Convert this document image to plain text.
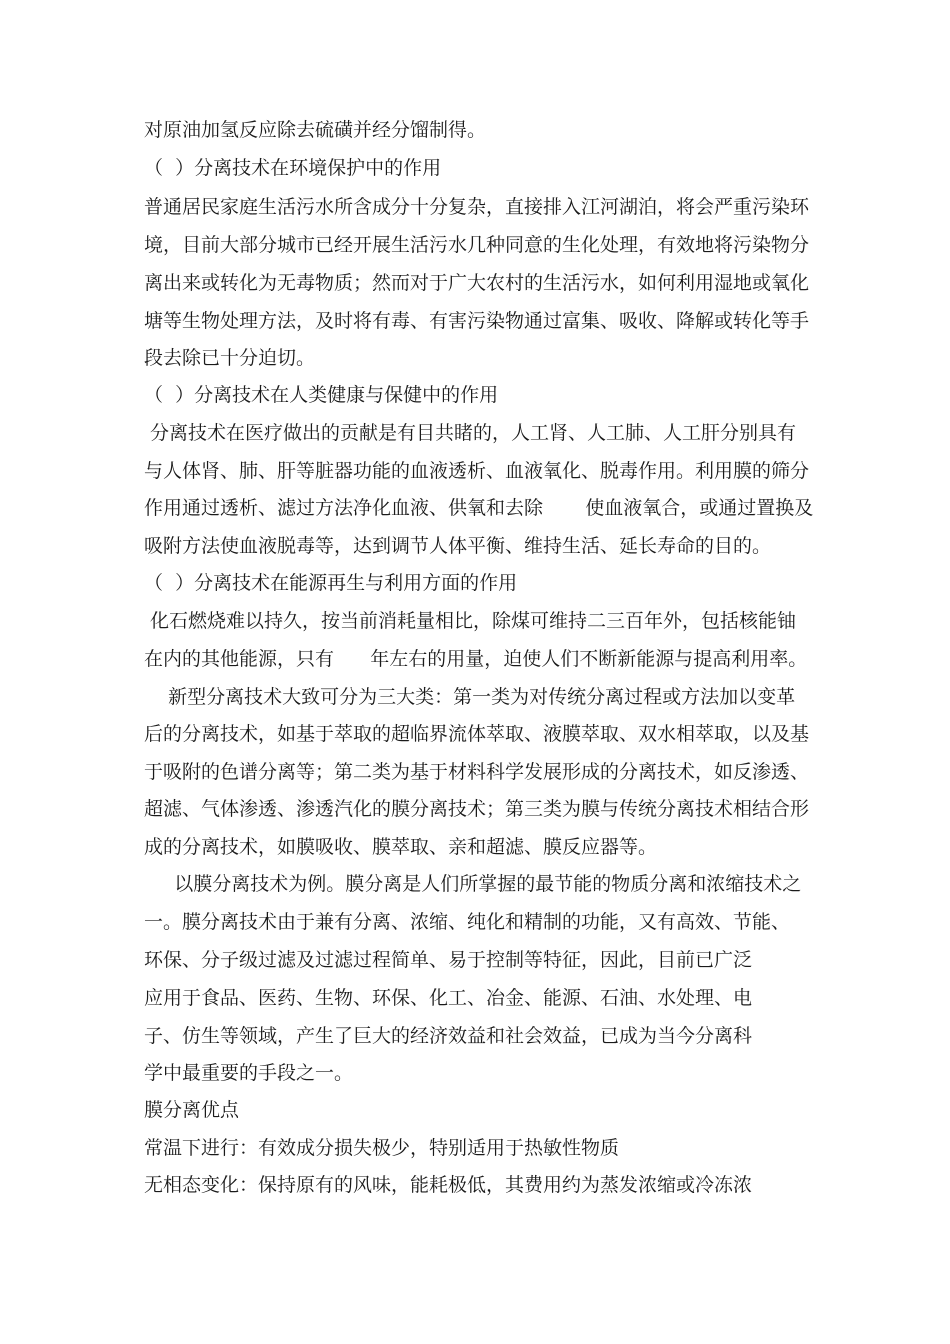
对原油加氢反应除去硫磺并经分馏制得。
（  ）分离技术在环境保护中的作用
普通居民家庭生活污水所含成分十分复杂，直接排入江河湖泊，将会严重污染环
境，目前大部分城市已经开展生活污水几种同意的生化处理，有效地将污染物分
离出来或转化为无毒物质；然而对于广大农村的生活污水，如何利用湿地或氧化
塘等生物处理方法，及时将有毒、有害污染物通过富集、吸收、降解或转化等手
段去除已十分迫切。
（  ）分离技术在人类健康与保健中的作用
分离技术在医疗做出的贡献是有目共睹的，人工肾、人工肺、人工肝分别具有
与人体肾、肺、肝等脏器功能的血液透析、血液氧化、脱毒作用。利用膜的筛分
作用通过透析、滤过方法净化血液、供氧和去除       使血液氧合，或通过置换及
吸附方法使血液脱毒等，达到调节人体平衡、维持生活、延长寿命的目的。
（  ）分离技术在能源再生与利用方面的作用
化石燃烧难以持久，按当前消耗量相比，除煤可维持二三百年外，包括核能铀
在内的其他能源，只有      年左右的用量，迫使人们不断新能源与提高利用率。
新型分离技术大致可分为三大类：第一类为对传统分离过程或方法加以变革
后的分离技术，如基于萃取的超临界流体萃取、液膜萃取、双水相萃取，以及基
于吸附的色谱分离等；第二类为基于材料科学发展形成的分离技术，如反渗透、
超滤、气体渗透、渗透汽化的膜分离技术；第三类为膜与传统分离技术相结合形
成的分离技术，如膜吸收、膜萃取、亲和超滤、膜反应器等。
以膜分离技术为例。膜分离是人们所掌握的最节能的物质分离和浓缩技术之
一。膜分离技术由于兼有分离、浓缩、纯化和精制的功能，又有高效、节能、
环保、分子级过滤及过滤过程简单、易于控制等特征，因此，目前已广泛
应用于食品、医药、生物、环保、化工、冶金、能源、石油、水处理、电
子、仿生等领域，产生了巨大的经济效益和社会效益，已成为当今分离科
学中最重要的手段之一。
膜分离优点
常温下进行：有效成分损失极少，特别适用于热敏性物质
无相态变化：保持原有的风味，能耗极低，其费用约为蒸发浓缩或冷冻浓
